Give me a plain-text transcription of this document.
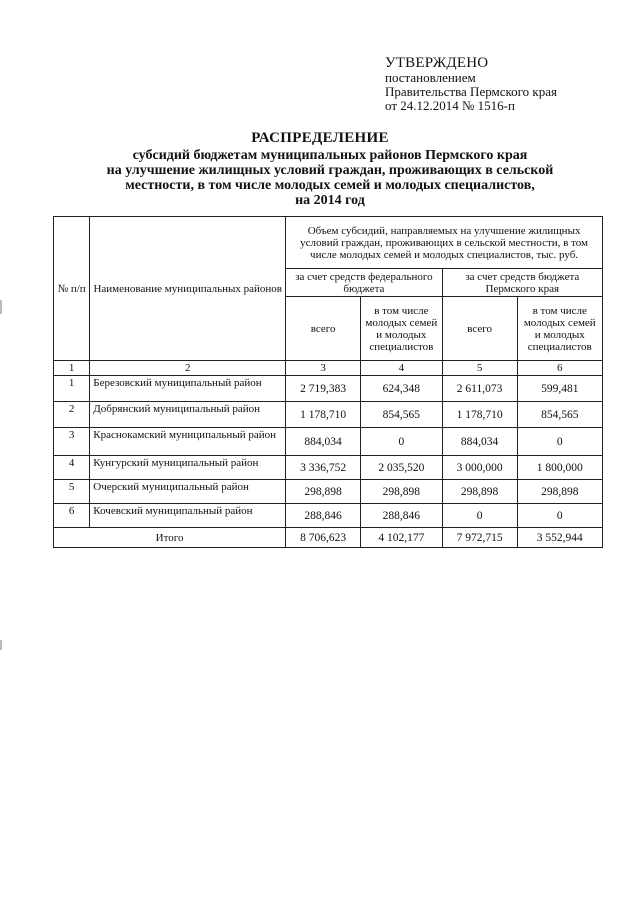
УТВЕРЖДЕНО
постановлением
Правительства Пермского края
от 24.12.2014 № 1516-п
РАСПРЕДЕЛЕНИЕ
субсидий бюджетам муниципальных районов Пермского края
на улучшение жилищных условий граждан, проживающих в сельской
местности, в том числе молодых семей и молодых специалистов,
на 2014 год
№ п/п	Наименование муниципальных районов	Объем субсидий, направляемых на улучшение жилищных условий граждан, проживающих в сельской местности, в том числе молодых семей и молодых специалистов, тыс. руб.			
		за счет средств федерального бюджета		за счет средств бюджета Пермского края	
		всего	в том числе молодых семей и молодых специалистов	всего	в том числе молодых семей и молодых специалистов
1	2	3	4	5	6
1	Березовский муниципальный район	2 719,383	624,348	2 611,073	599,481
2	Добрянский муниципальный район	1 178,710	854,565	1 178,710	854,565
3	Краснокамский муниципальный район	884,034	0	884,034	0
4	Кунгурский муниципальный район	3 336,752	2 035,520	3 000,000	1 800,000
5	Очерский муниципальный район	298,898	298,898	298,898	298,898
6	Кочевский муниципальный район	288,846	288,846	0	0
Итого		8 706,623	4 102,177	7 972,715	3 552,944
